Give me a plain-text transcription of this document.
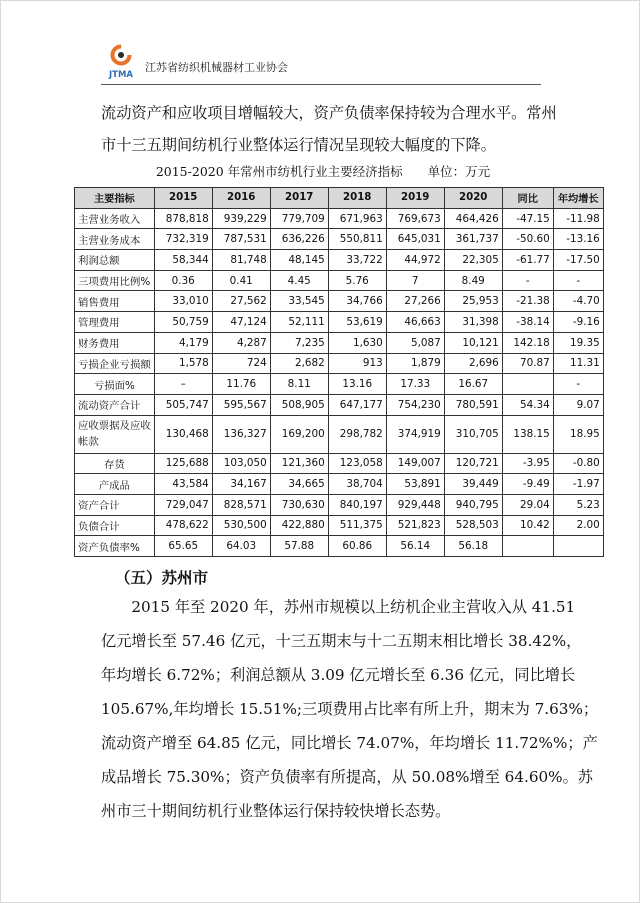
JTMA
江苏省纺织机械器材工业协会
流动资产和应收项目增幅较大，资产负债率保持较为合理水平。常州
市十三五期间纺机行业整体运行情况呈现较大幅度的下降。
2015-2020 年常州市纺机行业主要经济指标　　单位：万元
主要指标	2015	2016	2017	2018	2019	2020	同比	年均增长
主营业务收入	878,818	939,229	779,709	671,963	769,673	464,426	-47.15	-11.98
主营业务成本	732,319	787,531	636,226	550,811	645,031	361,737	-50.60	-13.16
利润总额	58,344	81,748	48,145	33,722	44,972	22,305	-61.77	-17.50
三项费用比例%	0.36	0.41	4.45	5.76	7	8.49	-	-
销售费用	33,010	27,562	33,545	34,766	27,266	25,953	-21.38	-4.70
管理费用	50,759	47,124	52,111	53,619	46,663	31,398	-38.14	-9.16
财务费用	4,179	4,287	7,235	1,630	5,087	10,121	142.18	19.35
亏损企业亏损额	1,578	724	2,682	913	1,879	2,696	70.87	11.31
亏损面%	–	11.76	8.11	13.16	17.33	16.67		-
流动资产合计	505,747	595,567	508,905	647,177	754,230	780,591	54.34	9.07
应收票据及应收帐款	130,468	136,327	169,200	298,782	374,919	310,705	138.15	18.95
存货	125,688	103,050	121,360	123,058	149,007	120,721	-3.95	-0.80
产成品	43,584	34,167	34,665	38,704	53,891	39,449	-9.49	-1.97
资产合计	729,047	828,571	730,630	840,197	929,448	940,795	29.04	5.23
负债合计	478,622	530,500	422,880	511,375	521,823	528,503	10.42	2.00
资产负债率%	65.65	64.03	57.88	60.86	56.14	56.18		
（五）苏州市
　　2015 年至 2020 年，苏州市规模以上纺机企业主营收入从 41.51
亿元增长至 57.46 亿元，十三五期末与十二五期末相比增长 38.42%，
年均增长 6.72%；利润总额从 3.09 亿元增长至 6.36 亿元，同比增长
105.67%,年均增长 15.51%;三项费用占比率有所上升，期末为 7.63%；
流动资产增至 64.85 亿元，同比增长 74.07%，年均增长 11.72%%；产
成品增长 75.30%；资产负债率有所提高，从 50.08%增至 64.60%。苏
州市三十期间纺机行业整体运行保持较快增长态势。
